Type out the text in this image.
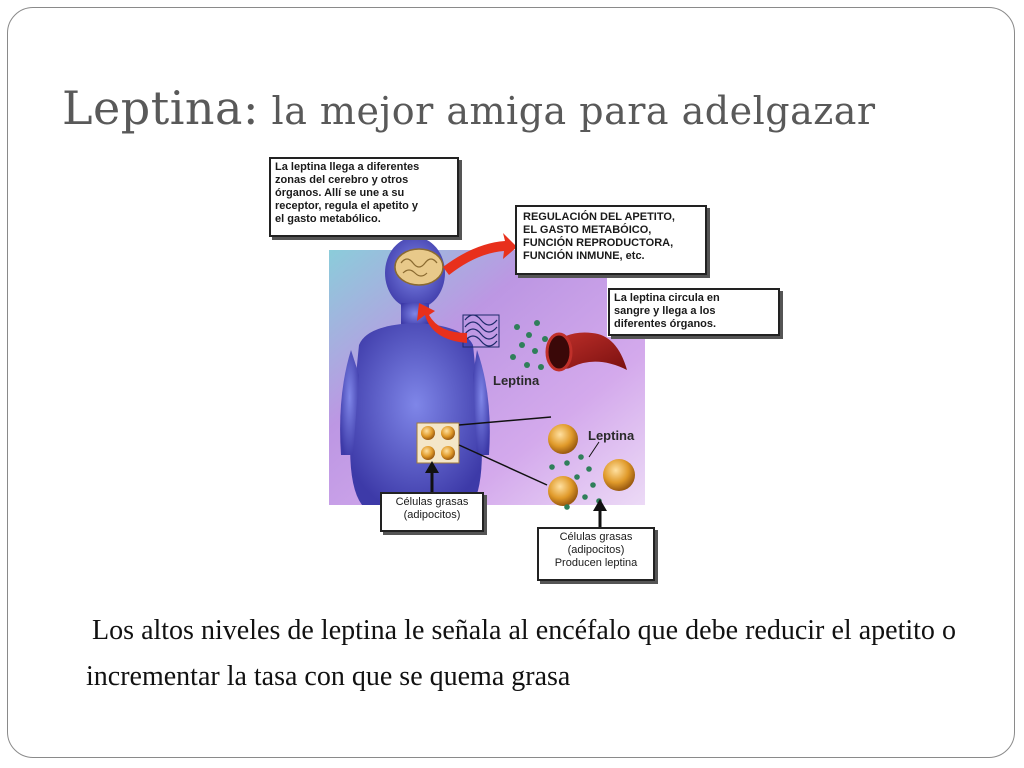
Leptina: la mejor amiga para adelgazar
La leptina llega a diferentes
zonas del cerebro y otros
órganos. Allí se une a su
receptor, regula el apetito y
el gasto metabólico.	REGULACIÓN DEL APETITO,
EL GASTO METABÓICO,
FUNCIÓN REPRODUCTORA,
FUNCIÓN INMUNE, etc.
La leptina circula en
sangre y llega a los
diferentes órganos.
Leptina
Leptina
Células grasas
(adipocitos)
Células grasas
(adipocitos)
Producen leptina

Los altos niveles de leptina le señala al encéfalo que debe reducir el apetito o incrementar la tasa con que se quema grasa
